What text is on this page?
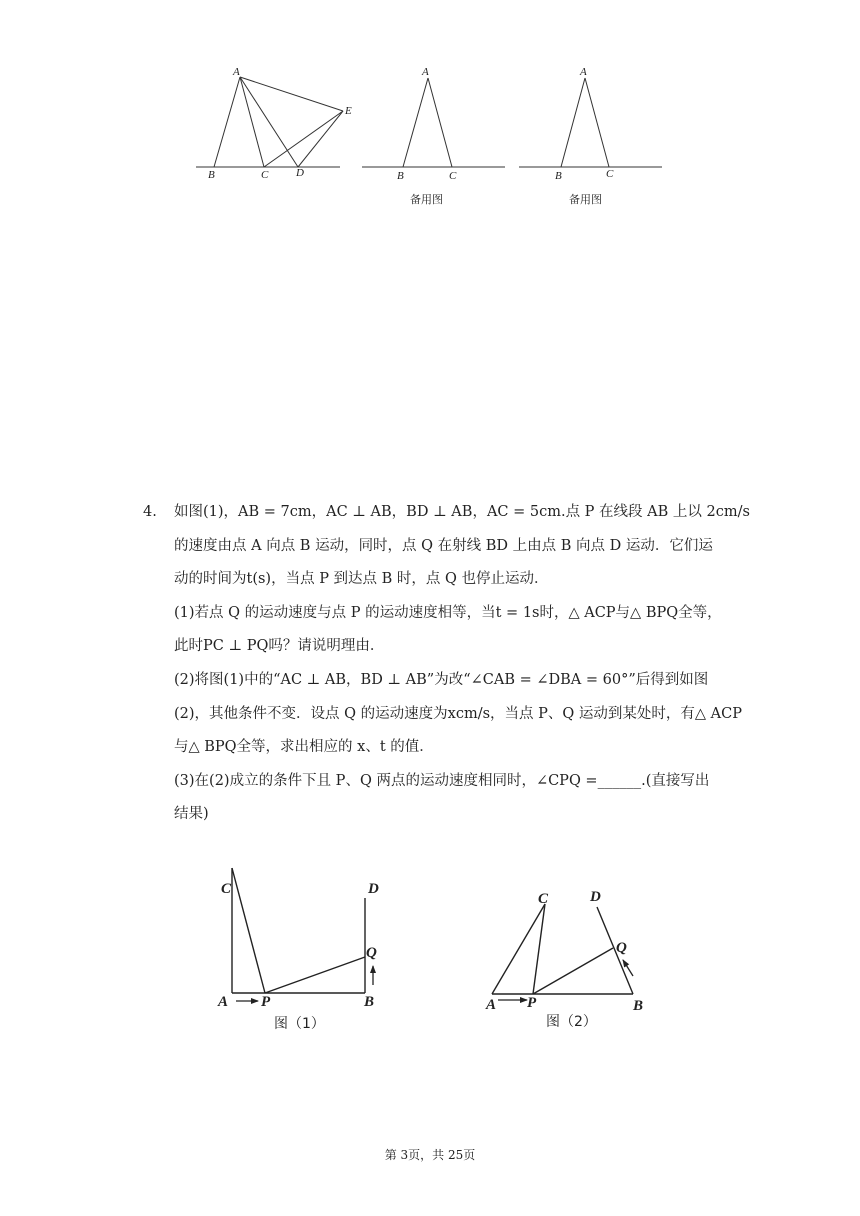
A
B	C	D
E
A
B	C
备用图
A
B	C
备用图
4.	如图(1)，AB = 7cm，AC ⊥ AB，BD ⊥ AB，AC = 5cm.点 P 在线段 AB 上以 2cm/s
的速度由点 A 向点 B 运动，同时，点 Q 在射线 BD 上由点 B 向点 D 运动．它们运
动的时间为t(s)，当点 P 到达点 B 时，点 Q 也停止运动．
(1)若点 Q 的运动速度与点 P 的运动速度相等，当t = 1s时，△ ACP与△ BPQ全等，
此时PC ⊥ PQ吗？请说明理由．
(2)将图(1)中的“AC ⊥ AB，BD ⊥ AB”为改“∠CAB = ∠DBA = 60°”后得到如图
(2)，其他条件不变．设点 Q 的运动速度为xcm/s，当点 P、Q 运动到某处时，有△ ACP
与△ BPQ全等，求出相应的 x、t 的值．
(3)在(2)成立的条件下且 P、Q 两点的运动速度相同时，∠CPQ =______.(直接写出
结果)
C	D
Q
A P	B
图（1）
C	D
Q
A P	B
图（2）
第 3页，共 25页
